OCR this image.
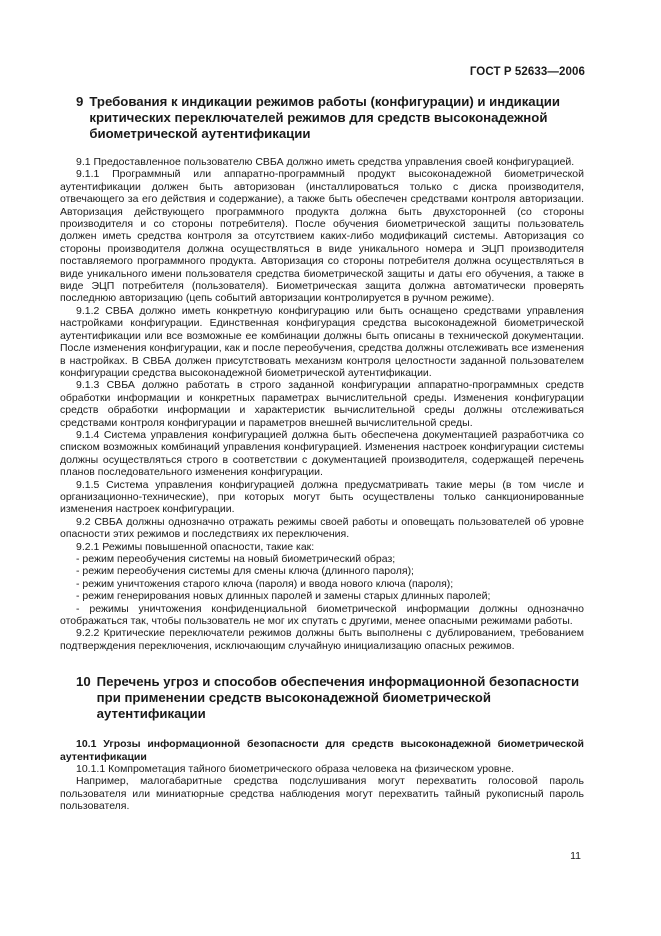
ГОСТ Р 52633—2006
9 Требования к индикации режимов работы (конфигурации) и индикации критических переключателей режимов для средств высоконадежной биометрической аутентификации

9.1 Предоставленное пользователю СВБА должно иметь средства управления своей конфигурацией.

9.1.1 Программный или аппаратно-программный продукт высоконадежной биометрической аутентификации должен быть авторизован (инсталлироваться только с диска производителя, отвечающего за его действия и содержание), а также быть обеспечен средствами контроля авторизации. Авторизация действующего программного продукта должна быть двухсторонней (со стороны производителя и со стороны потребителя). После обучения биометрической защиты пользователь должен иметь средства контроля за отсутствием каких-либо модификаций системы. Авторизация со стороны производителя должна осуществляться в виде уникального номера и ЭЦП производителя поставляемого программного продукта. Авторизация со стороны потребителя должна осуществляться в виде уникального имени пользователя средства биометрической защиты и даты его обучения, а также в виде ЭЦП потребителя (пользователя). Биометрическая защита должна автоматически проверять последнюю авторизацию (цепь событий авторизации контролируется в ручном режиме).

9.1.2 СВБА должно иметь конкретную конфигурацию или быть оснащено средствами управления настройками конфигурации. Единственная конфигурация средства высоконадежной биометрической аутентификации или все возможные ее комбинации должны быть описаны в технической документации. После изменения конфигурации, как и после переобучения, средства должны отслеживать все изменения в настройках. В СВБА должен присутствовать механизм контроля целостности заданной пользователем конфигурации средства высоконадежной биометрической аутентификации.

9.1.3 СВБА должно работать в строго заданной конфигурации аппаратно-программных средств обработки информации и конкретных параметрах вычислительной среды. Изменения конфигурации средств обработки информации и характеристик вычислительной среды должны отслеживаться средствами контроля конфигурации и параметров внешней вычислительной среды.

9.1.4 Система управления конфигурацией должна быть обеспечена документацией разработчика со списком возможных комбинаций управления конфигурацией. Изменения настроек конфигурации системы должны осуществляться строго в соответствии с документацией производителя, содержащей перечень планов последовательного изменения конфигурации.

9.1.5 Система управления конфигурацией должна предусматривать такие меры (в том числе и организационно-технические), при которых могут быть осуществлены только санкционированные изменения настроек конфигурации.

9.2 СВБА должны однозначно отражать режимы своей работы и оповещать пользователей об уровне опасности этих режимов и последствиях их переключения.

9.2.1 Режимы повышенной опасности, такие как:

- режим переобучения системы на новый биометрический образ;

- режим переобучения системы для смены ключа (длинного пароля);

- режим уничтожения старого ключа (пароля) и ввода нового ключа (пароля);

- режим генерирования новых длинных паролей и замены старых длинных паролей;

- режимы уничтожения конфиденциальной биометрической информации должны однозначно отображаться так, чтобы пользователь не мог их спутать с другими, менее опасными режимами работы.

9.2.2 Критические переключатели режимов должны быть выполнены с дублированием, требованием подтверждения переключения, исключающим случайную инициализацию опасных режимов.

10 Перечень угроз и способов обеспечения информационной безопасности при применении средств высоконадежной биометрической аутентификации

10.1 Угрозы информационной безопасности для средств высоконадежной биометрической аутентификации

10.1.1 Компрометация тайного биометрического образа человека на физическом уровне.

Например, малогабаритные средства подслушивания могут перехватить голосовой пароль пользователя или миниатюрные средства наблюдения могут перехватить тайный рукописный пароль пользователя.

11
